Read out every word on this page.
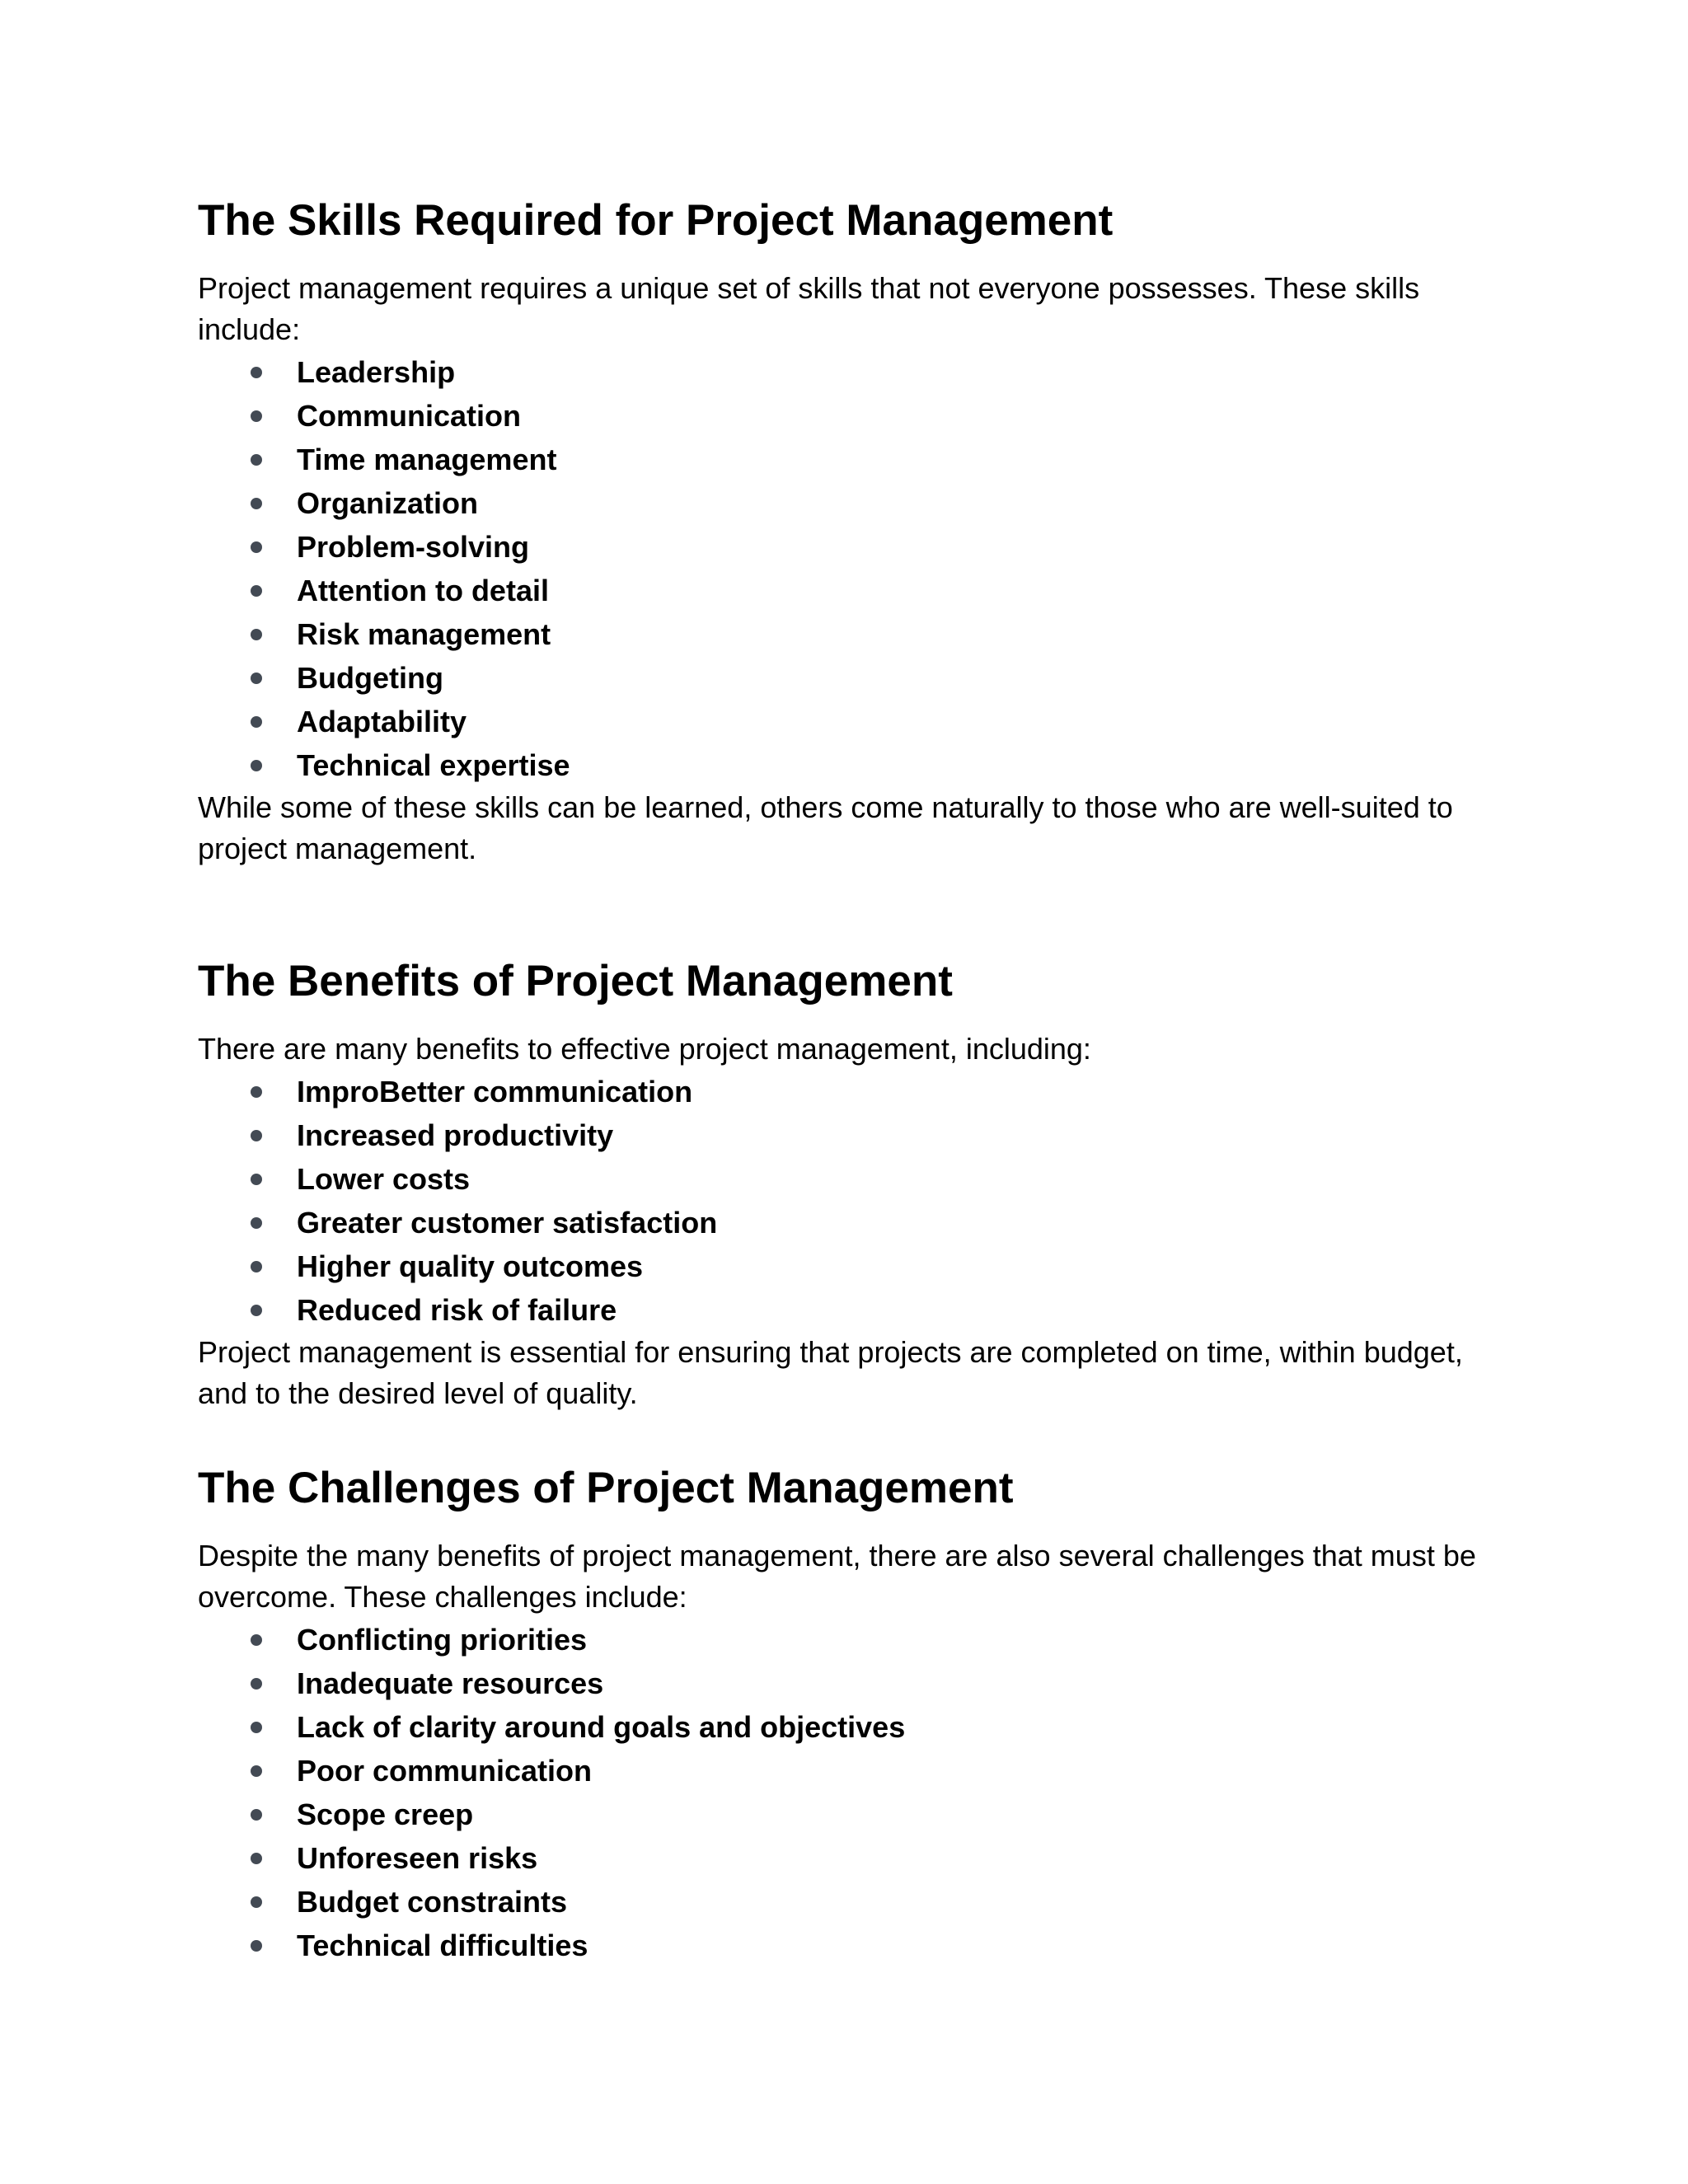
The Skills Required for Project Management

Project management requires a unique set of skills that not everyone possesses. These skills include:

Leadership
Communication
Time management
Organization
Problem-solving
Attention to detail
Risk management
Budgeting
Adaptability
Technical expertise

While some of these skills can be learned, others come naturally to those who are well-suited to project management.

The Benefits of Project Management

There are many benefits to effective project management, including:

ImproBetter communication
Increased productivity
Lower costs
Greater customer satisfaction
Higher quality outcomes
Reduced risk of failure

Project management is essential for ensuring that projects are completed on time, within budget, and to the desired level of quality.

The Challenges of Project Management

Despite the many benefits of project management, there are also several challenges that must be overcome. These challenges include:

Conflicting priorities
Inadequate resources
Lack of clarity around goals and objectives
Poor communication
Scope creep
Unforeseen risks
Budget constraints
Technical difficulties
